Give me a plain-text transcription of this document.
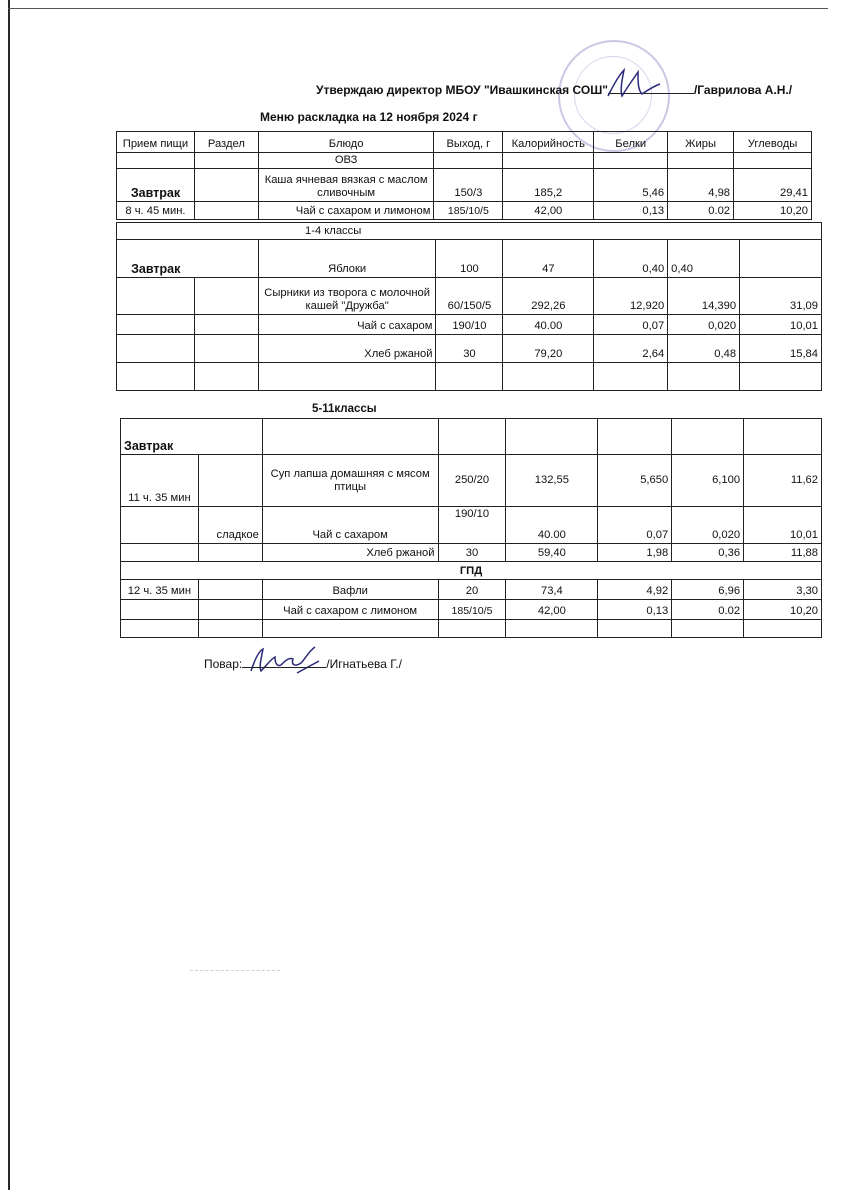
Утверждаю директор МБОУ "Ивашкинская СОШ"	/Гаврилова А.Н./
Меню раскладка на 12 ноября 2024 г
Прием пищи	Раздел	Блюдо	Выход, г	Калорийность	Белки	Жиры	Углеводы
		ОВЗ					
Завтрак		Каша ячневая вязкая с маслом сливочным	150/3	185,2	5,46	4,98	29,41
8 ч. 45 мин.		Чай с сахаром и лимоном	185/10/5	42,00	0,13	0.02	10,20
1-4 классы							
Завтрак		Яблоки	100	47	0,40	0,40	
		Сырники из творога с молочной кашей "Дружба"	60/150/5	292,26	12,920	14,390	31,09
		Чай с сахаром	190/10	40.00	0,07	0,020	10,01
		Хлеб ржаной	30	79,20	2,64	0,48	15,84

5-11классы
Завтрак							
11 ч. 35 мин		Суп лапша домашняя с мясом птицы	250/20	132,55	5,650	6,100	11,62
	сладкое	Чай с сахаром	190/10	40.00	0,07	0,020	10,01
		Хлеб ржаной	30	59,40	1,98	0,36	11,88
ГПД							
12 ч. 35 мин		Вафли	20	73,4	4,92	6,96	3,30
		Чай с сахаром с лимоном	185/10/5	42,00	0,13	0.02	10,20

Повар:	/Игнатьева Г./
